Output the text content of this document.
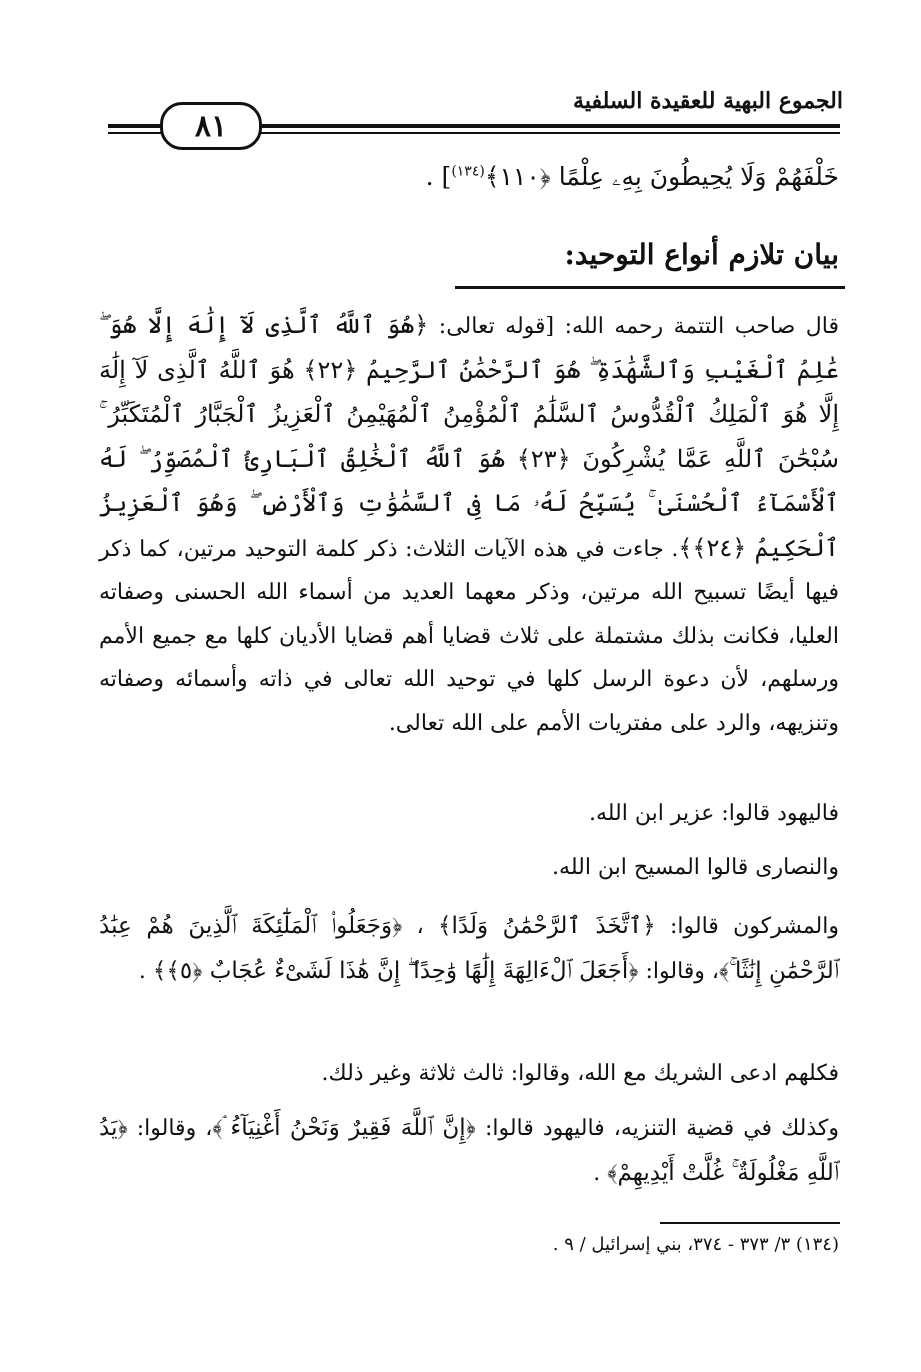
الجموع البهية للعقيدة السلفية
٨١
خَلْفَهُمْ وَلَا يُحِيطُونَ بِهِۦ عِلْمًا ﴿١١٠﴾$^{(١٣٤)}$] .
بيان تلازم أنواع التوحيد:
قال صاحب التتمة رحمه الله: [قوله تعالى: ﴿هُوَ ٱللَّهُ ٱلَّذِى لَآ إِلَٰهَ إِلَّا هُوَ ۖ عَٰلِمُ ٱلْغَيْبِ وَٱلشَّهَٰدَةِ ۖ هُوَ ٱلرَّحْمَٰنُ ٱلرَّحِيمُ ﴿٢٢﴾ هُوَ ٱللَّهُ ٱلَّذِى لَآ إِلَٰهَ إِلَّا هُوَ ٱلْمَلِكُ ٱلْقُدُّوسُ ٱلسَّلَٰمُ ٱلْمُؤْمِنُ ٱلْمُهَيْمِنُ ٱلْعَزِيزُ ٱلْجَبَّارُ ٱلْمُتَكَبِّرُ ۚ سُبْحَٰنَ ٱللَّهِ عَمَّا يُشْرِكُونَ ﴿٢٣﴾ هُوَ ٱللَّهُ ٱلْخَٰلِقُ ٱلْبَارِئُ ٱلْمُصَوِّرُ ۖ لَهُ ٱلْأَسْمَآءُ ٱلْحُسْنَىٰ ۚ يُسَبِّحُ لَهُۥ مَا فِى ٱلسَّمَٰوَٰتِ وَٱلْأَرْضِ ۖ وَهُوَ ٱلْعَزِيزُ ٱلْحَكِيمُ ﴿٢٤﴾﴾. جاءت في هذه الآيات الثلاث: ذكر كلمة التوحيد مرتين، كما ذكر فيها أيضًا تسبيح الله مرتين، وذكر معهما العديد من أسماء الله الحسنى وصفاته العليا، فكانت بذلك مشتملة على ثلاث قضايا أهم قضايا الأديان كلها مع جميع الأمم ورسلهم، لأن دعوة الرسل كلها في توحيد الله تعالى في ذاته وأسمائه وصفاته وتنزيهه، والرد على مفتريات الأمم على الله تعالى.
فاليهود قالوا: عزير ابن الله.
والنصارى قالوا المسيح ابن الله.
والمشركون قالوا: ﴿ٱتَّخَذَ ٱلرَّحْمَٰنُ وَلَدًا﴾ ، ﴿وَجَعَلُوا۟ ٱلْمَلَٰٓئِكَةَ ٱلَّذِينَ هُمْ عِبَٰدُ ٱلرَّحْمَٰنِ إِنَٰثًا ۚ﴾، وقالوا: ﴿أَجَعَلَ ٱلْءَالِهَةَ إِلَٰهًا وَٰحِدًا ۖ إِنَّ هَٰذَا لَشَىْءٌ عُجَابٌ ﴿٥﴾﴾ .
فكلهم ادعى الشريك مع الله، وقالوا: ثالث ثلاثة وغير ذلك.
وكذلك في قضية التنزيه، فاليهود قالوا: ﴿إِنَّ ٱللَّهَ فَقِيرٌ وَنَحْنُ أَغْنِيَآءُ ۘ﴾، وقالوا: ﴿يَدُ ٱللَّهِ مَغْلُولَةٌ ۚ غُلَّتْ أَيْدِيهِمْ﴾ .
(١٣٤) ٣/ ٣٧٣ - ٣٧٤، بني إسرائيل / ٩ .
